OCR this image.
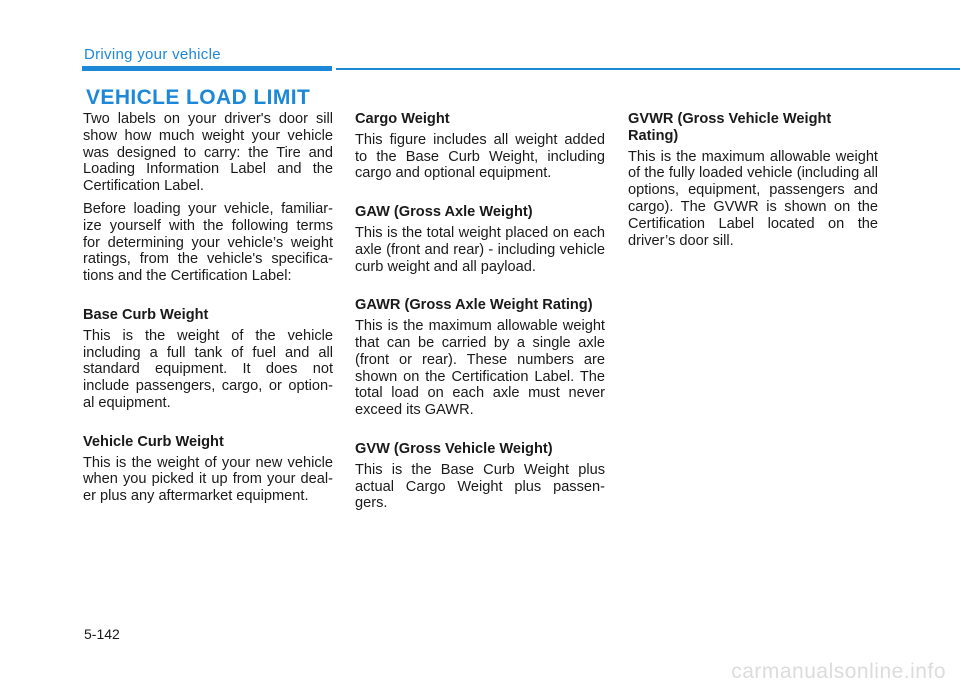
Driving your vehicle
VEHICLE LOAD LIMIT

Two labels on your driver's door sill show how much weight your vehicle was designed to carry: the Tire and Loading Information Label and the Certification Label.

Before loading your vehicle, familiar-ize yourself with the following terms for determining your vehicle’s weight ratings, from the vehicle's specifica-tions and the Certification Label:

Base Curb Weight

This is the weight of the vehicle including a full tank of fuel and all standard equipment. It does not include passengers, cargo, or option-al equipment.

Vehicle Curb Weight

This is the weight of your new vehicle when you picked it up from your deal-er plus any aftermarket equipment.

Cargo Weight

This figure includes all weight added to the Base Curb Weight, including cargo and optional equipment.

GAW (Gross Axle Weight)

This is the total weight placed on each axle (front and rear) - including vehicle curb weight and all payload.

GAWR (Gross Axle Weight Rating)

This is the maximum allowable weight that can be carried by a single axle (front or rear). These numbers are shown on the Certification Label. The total load on each axle must never exceed its GAWR.

GVW (Gross Vehicle Weight)

This is the Base Curb Weight plus actual Cargo Weight plus passen-gers.

GVWR (Gross Vehicle Weight Rating)

This is the maximum allowable weight of the fully loaded vehicle (including all options, equipment, passengers and cargo). The GVWR is shown on the Certification Label located on the driver’s door sill.

5-142
carmanualsonline.info
